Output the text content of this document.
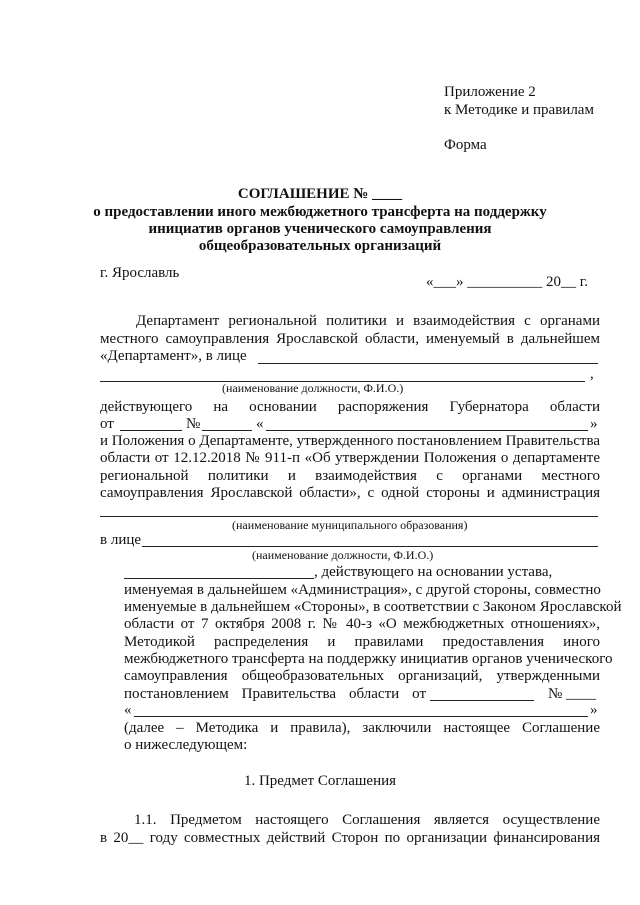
Приложение 2
к Методике и правилам
Форма
СОГЛАШЕНИЕ № ____
о предоставлении иного межбюджетного трансферта на поддержку
инициатив органов ученического самоуправления
общеобразовательных организаций
г. Ярославль
«___» __________ 20__ г.
Департамент региональной политики и взаимодействия с органами
местного самоуправления Ярославской области, именуемый в дальнейшем
«Департамент», в лице
,
(наименование должности, Ф.И.О.)
действующего на основании распоряжения Губернатора области
от	№	«	»
и Положения о Департаменте, утвержденного постановлением Правительства
области от 12.12.2018 № 911-п «Об утверждении Положения о департаменте
региональной политики и взаимодействия с органами местного
самоуправления Ярославской области», с одной стороны и администрация
(наименование муниципального образования)
в лице
(наименование должности, Ф.И.О.)
, действующего на основании устава,
именуемая в дальнейшем «Администрация», с другой стороны, совместно
именуемые в дальнейшем «Стороны», в соответствии с Законом Ярославской
области от 7 октября 2008 г. № 40-з «О межбюджетных отношениях»,
Методикой распределения и правилами предоставления иного
межбюджетного трансферта на поддержку инициатив органов ученического
самоуправления общеобразовательных организаций, утвержденными
постановлением Правительства области от	№ ____
«	»
(далее – Методика и правила), заключили настоящее Соглашение
о нижеследующем:
1. Предмет Соглашения
1.1. Предметом настоящего Соглашения является осуществление
в 20__ году совместных действий Сторон по организации финансирования
